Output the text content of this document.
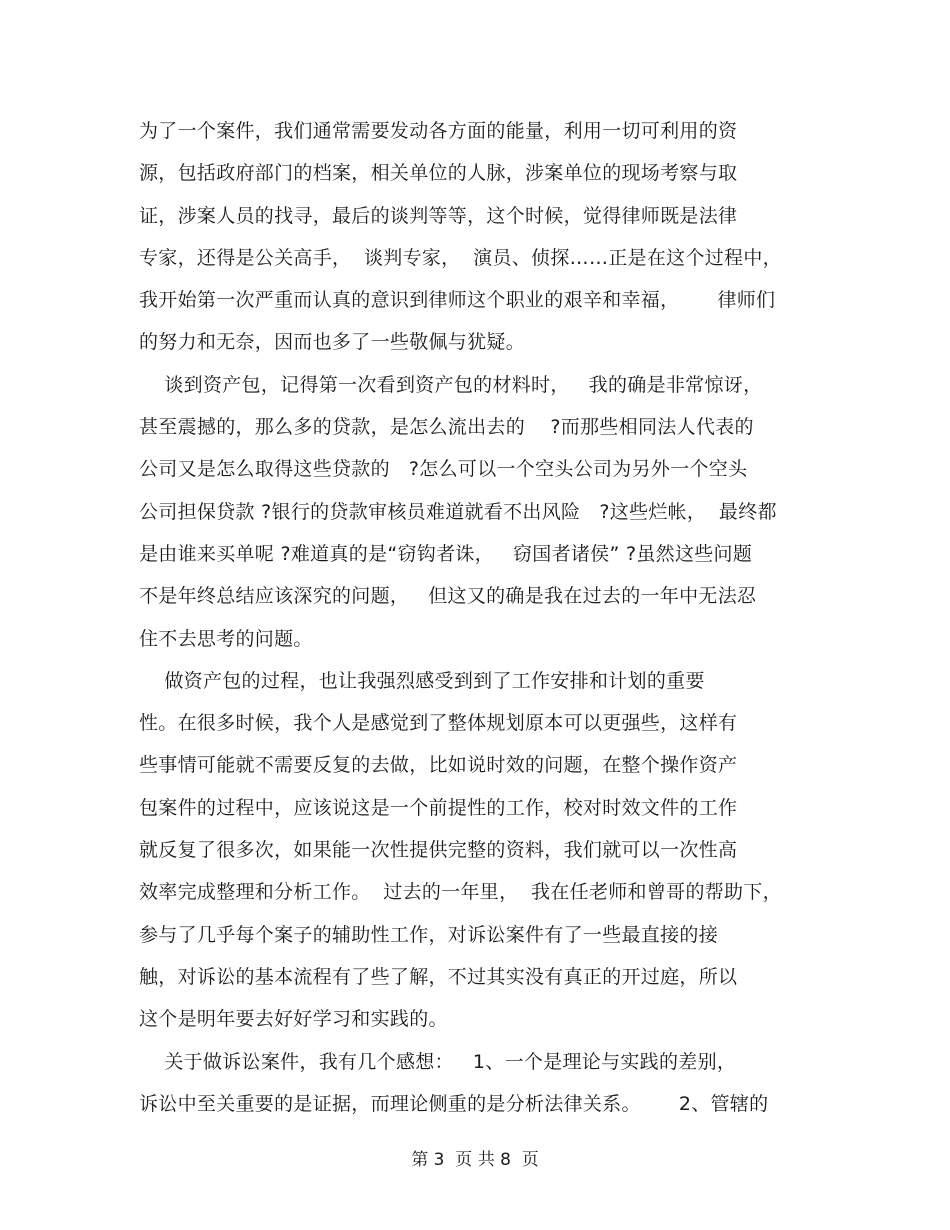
为了一个案件，我们通常需要发动各方面的能量，利用一切可利用的资
源，包括政府部门的档案，相关单位的人脉，涉案单位的现场考察与取
证，涉案人员的找寻，最后的谈判等等，这个时候，觉得律师既是法律
专家，还得是公关高手，  谈判专家，  演员、侦探……正是在这个过程中，
我开始第一次严重而认真的意识到律师这个职业的艰辛和幸福，      律师们
的努力和无奈，因而也多了一些敬佩与犹疑。
谈到资产包，记得第一次看到资产包的材料时，   我的确是非常惊讶，
甚至震撼的，那么多的贷款，是怎么流出去的    ?而那些相同法人代表的
公司又是怎么取得这些贷款的   ?怎么可以一个空头公司为另外一个空头
公司担保贷款 ?银行的贷款审核员难道就看不出风险   ?这些烂帐，  最终都
是由谁来买单呢 ?难道真的是“窃钩者诛，   窃国者诸侯” ?虽然这些问题
不是年终总结应该深究的问题，   但这又的确是我在过去的一年中无法忍
住不去思考的问题。
做资产包的过程，也让我强烈感受到到了工作安排和计划的重要
性。在很多时候，我个人是感觉到了整体规划原本可以更强些，这样有
些事情可能就不需要反复的去做，比如说时效的问题，在整个操作资产
包案件的过程中，应该说这是一个前提性的工作，校对时效文件的工作
就反复了很多次，如果能一次性提供完整的资料，我们就可以一次性高
效率完成整理和分析工作。  过去的一年里，  我在任老师和曾哥的帮助下，
参与了几乎每个案子的辅助性工作，对诉讼案件有了一些最直接的接
触，对诉讼的基本流程有了些了解，不过其实没有真正的开过庭，所以
这个是明年要去好好学习和实践的。
关于做诉讼案件，我有几个感想：   1、一个是理论与实践的差别，
诉讼中至关重要的是证据，而理论侧重的是分析法律关系。      2、管辖的
第 3  页 共 8  页
